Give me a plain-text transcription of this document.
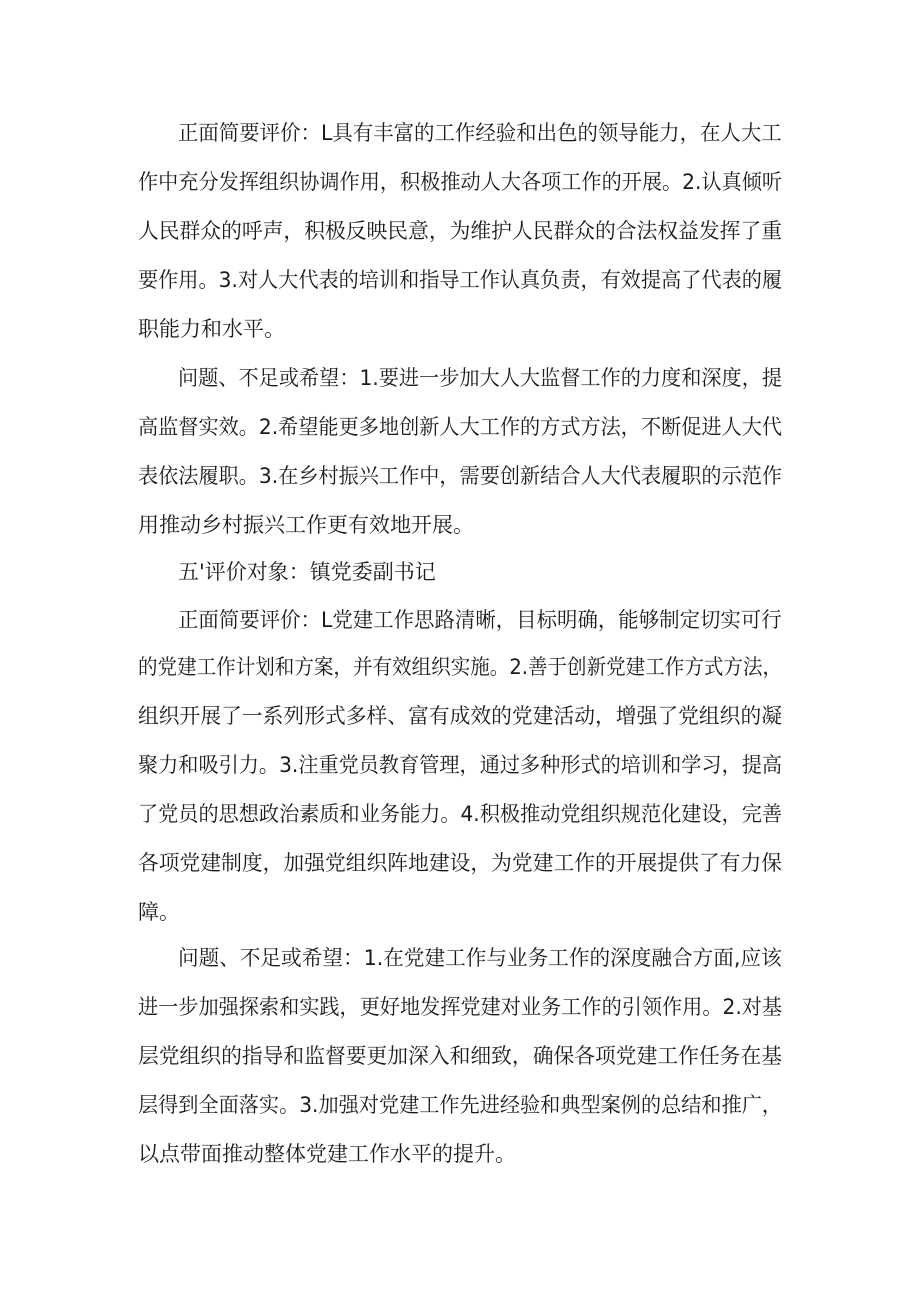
正面简要评价：L具有丰富的工作经验和出色的领导能力，在人大工
作中充分发挥组织协调作用，积极推动人大各项工作的开展。2.认真倾听
人民群众的呼声，积极反映民意，为维护人民群众的合法权益发挥了重
要作用。3.对人大代表的培训和指导工作认真负责，有效提高了代表的履
职能力和水平。
问题、不足或希望：1.要进一步加大人大监督工作的力度和深度，提
高监督实效。2.希望能更多地创新人大工作的方式方法，不断促进人大代
表依法履职。3.在乡村振兴工作中，需要创新结合人大代表履职的示范作
用推动乡村振兴工作更有效地开展。
五'评价对象：镇党委副书记
正面简要评价：L党建工作思路清晰，目标明确，能够制定切实可行
的党建工作计划和方案，并有效组织实施。2.善于创新党建工作方式方法，
组织开展了一系列形式多样、富有成效的党建活动，增强了党组织的凝
聚力和吸引力。3.注重党员教育管理，通过多种形式的培训和学习，提高
了党员的思想政治素质和业务能力。4.积极推动党组织规范化建设，完善
各项党建制度，加强党组织阵地建设，为党建工作的开展提供了有力保
障。
问题、不足或希望：1.在党建工作与业务工作的深度融合方面,应该
进一步加强探索和实践，更好地发挥党建对业务工作的引领作用。2.对基
层党组织的指导和监督要更加深入和细致，确保各项党建工作任务在基
层得到全面落实。3.加强对党建工作先进经验和典型案例的总结和推广，
以点带面推动整体党建工作水平的提升。
